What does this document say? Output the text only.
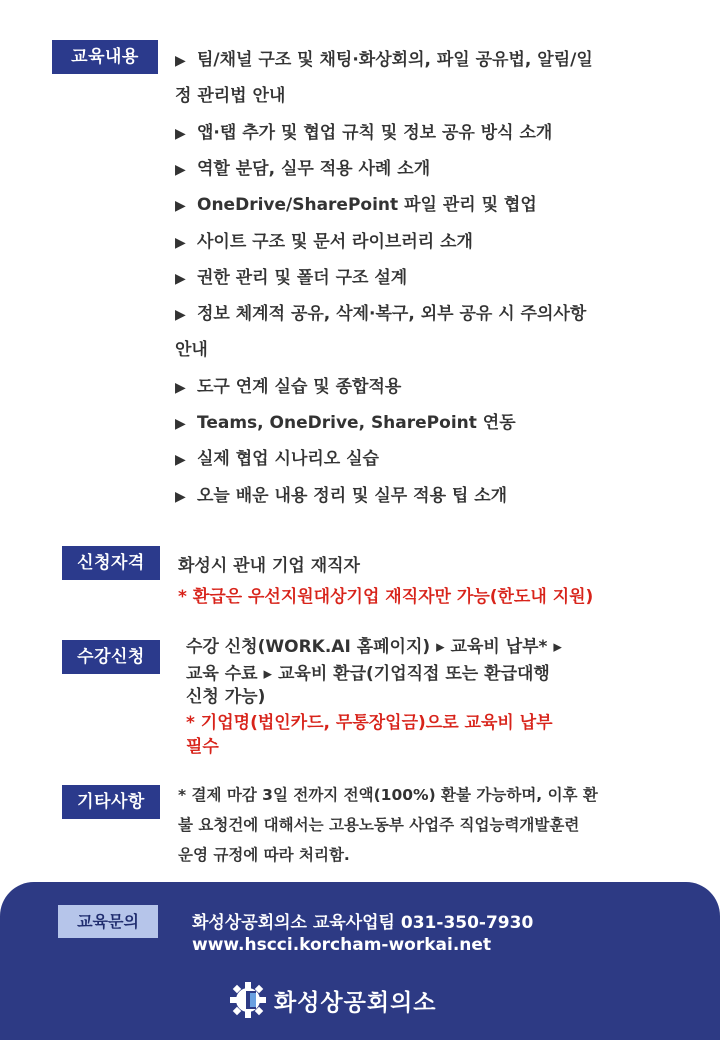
교육내용	▶ 팀/채널 구조 및 채팅·화상회의, 파일 공유법, 알림/일
정 관리법 안내
▶ 앱·탭 추가 및 협업 규칙 및 정보 공유 방식 소개
▶ 역할 분담, 실무 적용 사례 소개
▶ OneDrive/SharePoint 파일 관리 및 협업
▶ 사이트 구조 및 문서 라이브러리 소개
▶ 권한 관리 및 폴더 구조 설계
▶ 정보 체계적 공유, 삭제·복구, 외부 공유 시 주의사항
안내
▶ 도구 연계 실습 및 종합적용
▶ Teams, OneDrive, SharePoint 연동
▶ 실제 협업 시나리오 실습
▶ 오늘 배운 내용 정리 및 실무 적용 팁 소개
신청자격	화성시 관내 기업 재직자
* 환급은 우선지원대상기업 재직자만 가능(한도내 지원)
수강신청	수강 신청(WORK.AI 홈페이지) ▸ 교육비 납부* ▸
교육 수료 ▸ 교육비 환급(기업직접 또는 환급대행
신청 가능)
* 기업명(법인카드, 무통장입금)으로 교육비 납부
필수
기타사항	* 결제 마감 3일 전까지 전액(100%) 환불 가능하며, 이후 환
불 요청건에 대해서는 고용노동부 사업주 직업능력개발훈련
운영 규정에 따라 처리함.
교육문의	화성상공회의소 교육사업팀 031-350-7930
www.hscci.korcham-workai.net
화성상공회의소
